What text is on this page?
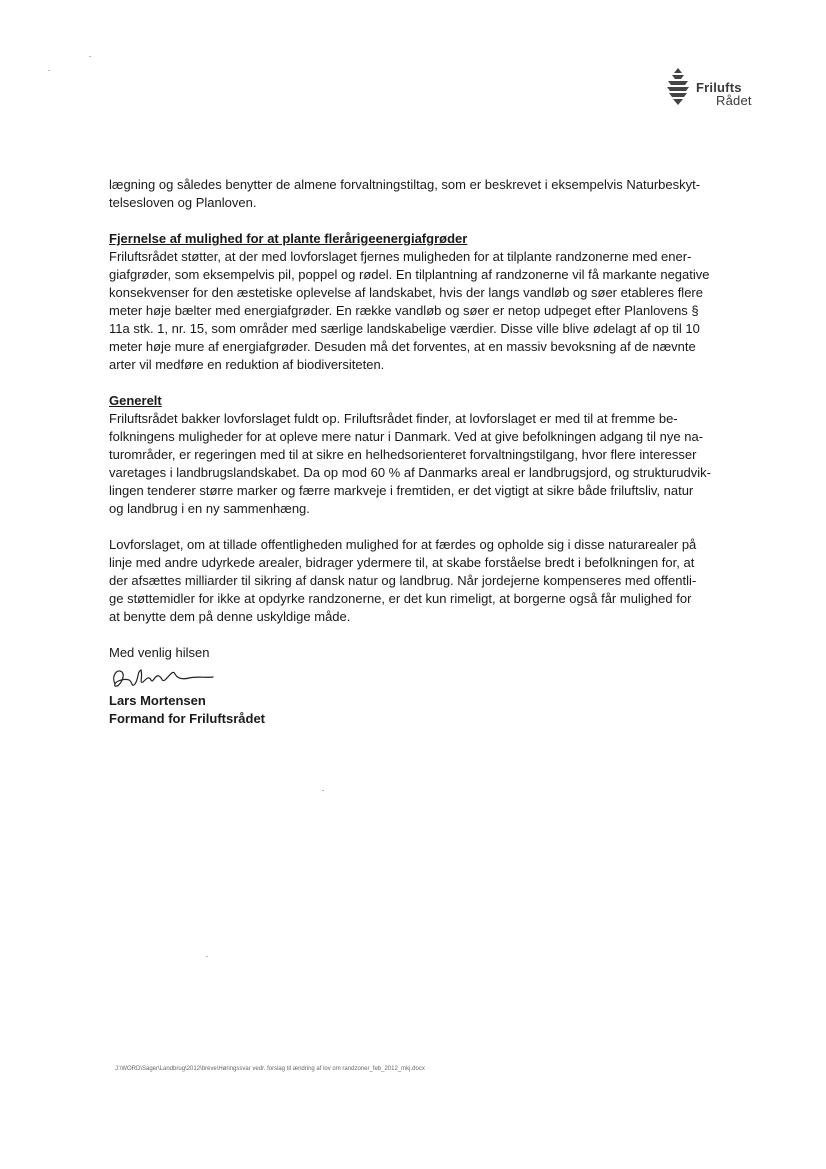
Frilufts
Rådet

lægning og således benytter de almene forvaltningstiltag, som er beskrevet i eksempelvis Naturbeskyt-
telsesloven og Planloven.

Fjernelse af mulighed for at plante flerårigeenergiafgrøder

Friluftsrådet støtter, at der med lovforslaget fjernes muligheden for at tilplante randzonerne med ener-
giafgrøder, som eksempelvis pil, poppel og rødel. En tilplantning af randzonerne vil få markante negative
konsekvenser for den æstetiske oplevelse af landskabet, hvis der langs vandløb og søer etableres flere
meter høje bælter med energiafgrøder. En række vandløb og søer er netop udpeget efter Planlovens §
11a stk. 1, nr. 15, som områder med særlige landskabelige værdier. Disse ville blive ødelagt af op til 10
meter høje mure af energiafgrøder. Desuden må det forventes, at en massiv bevoksning af de nævnte
arter vil medføre en reduktion af biodiversiteten.

Generelt

Friluftsrådet bakker lovforslaget fuldt op. Friluftsrådet finder, at lovforslaget er med til at fremme be-
folkningens muligheder for at opleve mere natur i Danmark. Ved at give befolkningen adgang til nye na-
turområder, er regeringen med til at sikre en helhedsorienteret forvaltningstilgang, hvor flere interesser
varetages i landbrugslandskabet. Da op mod 60 % af Danmarks areal er landbrugsjord, og strukturudvik-
lingen tenderer større marker og færre markveje i fremtiden, er det vigtigt at sikre både friluftsliv, natur
og landbrug i en ny sammenhæng.

Lovforslaget, om at tillade offentligheden mulighed for at færdes og opholde sig i disse naturarealer på
linje med andre udyrkede arealer, bidrager ydermere til, at skabe forståelse bredt i befolkningen for, at
der afsættes milliarder til sikring af dansk natur og landbrug. Når jordejerne kompenseres med offentli-
ge støttemidler for ikke at opdyrke randzonerne, er det kun rimeligt, at borgerne også får mulighed for
at benytte dem på denne uskyldige måde.

Med venlig hilsen

Lars Mortensen

Formand for Friluftsrådet

J:\WORD\Sager\Landbrug\2012\breve\Høringssvar vedr. forslag til ændring af lov om randzoner_feb_2012_mkj.docx
